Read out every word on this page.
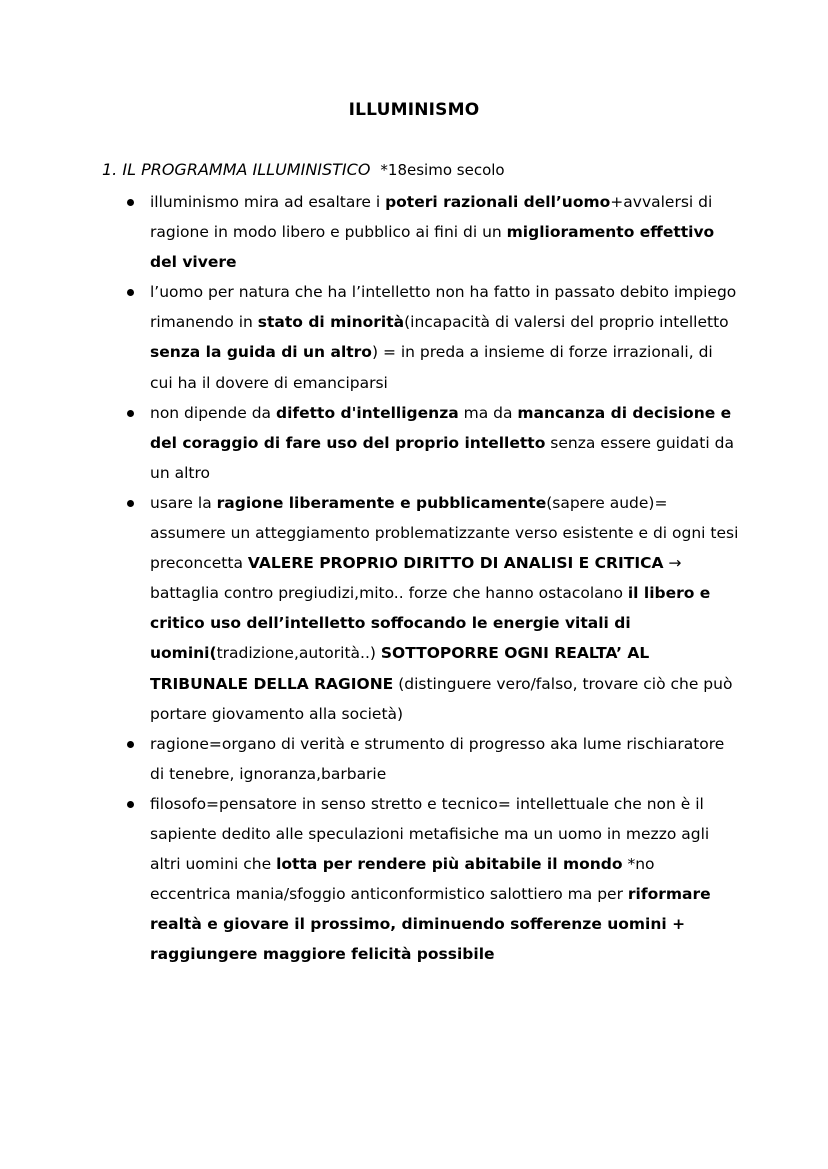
ILLUMINISMO
1. IL PROGRAMMA ILLUMINISTICO *18esimo secolo
illuminismo mira ad esaltare i poteri razionali dell’uomo+avvalersi di ragione in modo libero e pubblico ai fini di un miglioramento effettivo del vivere
l’uomo per natura che ha l’intelletto non ha fatto in passato debito impiego rimanendo in stato di minorità(incapacità di valersi del proprio intelletto senza la guida di un altro) = in preda a insieme di forze irrazionali, di cui ha il dovere di emanciparsi
non dipende da difetto d'intelligenza ma da mancanza di decisione e del coraggio di fare uso del proprio intelletto senza essere guidati da un altro
usare la ragione liberamente e pubblicamente(sapere aude)= assumere un atteggiamento problematizzante verso esistente e di ogni tesi preconcetta VALERE PROPRIO DIRITTO DI ANALISI E CRITICA → battaglia contro pregiudizi,mito.. forze che hanno ostacolano il libero e critico uso dell’intelletto soffocando le energie vitali di uomini(tradizione,autorità..) SOTTOPORRE OGNI REALTA’ AL TRIBUNALE DELLA RAGIONE (distinguere vero/falso, trovare ciò che può portare giovamento alla società)
ragione=organo di verità e strumento di progresso aka lume rischiaratore di tenebre, ignoranza,barbarie
filosofo=pensatore in senso stretto e tecnico= intellettuale che non è il sapiente dedito alle speculazioni metafisiche ma un uomo in mezzo agli altri uomini che lotta per rendere più abitabile il mondo *no eccentrica mania/sfoggio anticonformistico salottiero ma per riformare realtà e giovare il prossimo, diminuendo sofferenze uomini + raggiungere maggiore felicità possibile
